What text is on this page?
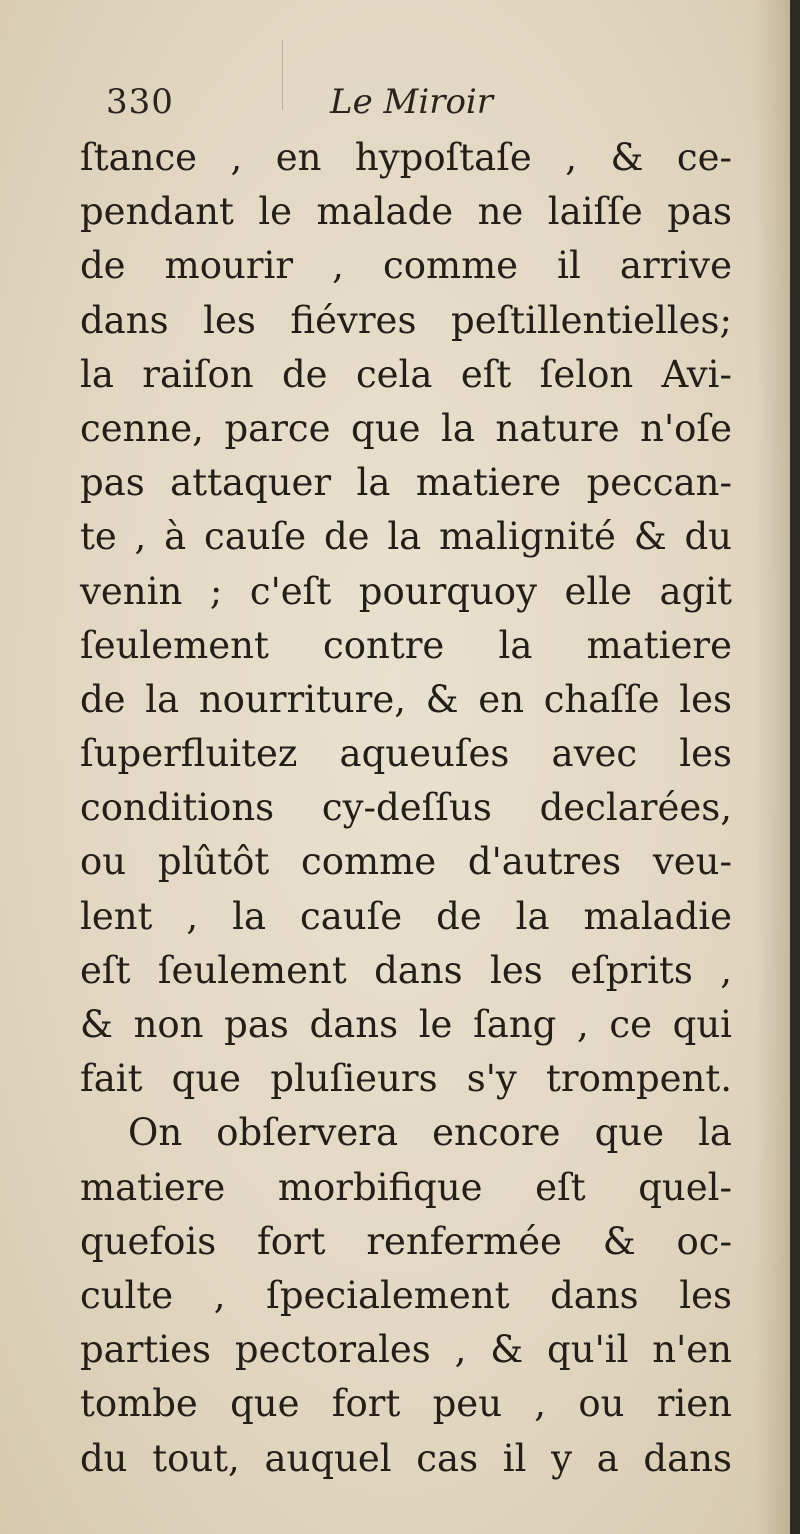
330	Le Miroir
ſtance , en hypoſtaſe , & ce-
pendant le malade ne laiſſe pas
de mourir , comme il arrive
dans les fiévres peſtillentielles;
la raiſon de cela eſt ſelon Avi-
cenne, parce que la nature n'oſe
pas attaquer la matiere peccan-
te , à cauſe de la malignité & du
venin ; c'eſt pourquoy elle agit
ſeulement contre la matiere
de la nourriture, & en chaſſe les
ſuperfluitez aqueuſes avec les
conditions cy-deſſus declarées,
ou plûtôt comme d'autres veu-
lent , la cauſe de la maladie
eſt ſeulement dans les eſprits ,
& non pas dans le ſang , ce qui
fait que pluſieurs s'y trompent.
On obſervera encore que la
matiere morbifique eſt quel-
quefois fort renfermée & oc-
culte , ſpecialement dans les
parties pectorales , & qu'il n'en
tombe que fort peu , ou rien
du tout, auquel cas il y a dans
